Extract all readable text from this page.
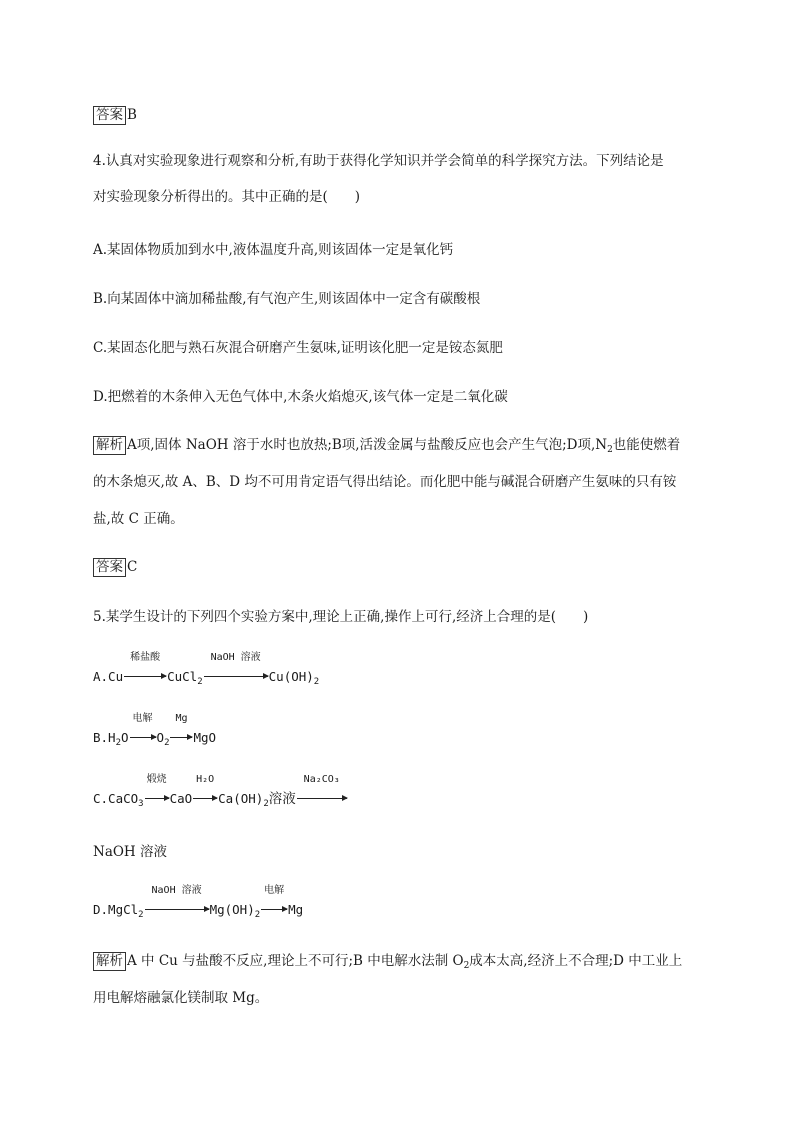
答案 B
4.认真对实验现象进行观察和分析,有助于获得化学知识并学会简单的科学探究方法。下列结论是
对实验现象分析得出的。其中正确的是(　　)
A.某固体物质加到水中,液体温度升高,则该固体一定是氧化钙
B.向某固体中滴加稀盐酸,有气泡产生,则该固体中一定含有碳酸根
C.某固态化肥与熟石灰混合研磨产生氨味,证明该化肥一定是铵态氮肥
D.把燃着的木条伸入无色气体中,木条火焰熄灭,该气体一定是二氧化碳
解析 A项,固体 NaOH 溶于水时也放热;B项,活泼金属与盐酸反应也会产生气泡;D项$,N_2$也能使燃着
的木条熄灭,故 A、B、D 均不可用肯定语气得出结论。而化肥中能与碱混合研磨产生氨味的只有铵
盐,故 C 正确。
答案 C
5.某学生设计的下列四个实验方案中,理论上正确,操作上可行,经济上合理的是(　　)
A.Cu
稀盐酸
CuCl$_2$
NaOH 溶液
$Cu(OH)_2$
$B.H_2O$
电解
$O_2$
Mg
MgO
C.CaCO$_3$
煅烧
CaO
H₂O
$Ca(OH)_2$溶液
Na₂CO₃
NaOH 溶液
D.MgCl$_2$
NaOH 溶液
$Mg(OH)_2$
电解
Mg
解析 A 中 Cu 与盐酸不反应,理论上不可行;B 中电解水法制 $O_2$成本太高,经济上不合理;D 中工业上
用电解熔融氯化镁制取 Mg。
